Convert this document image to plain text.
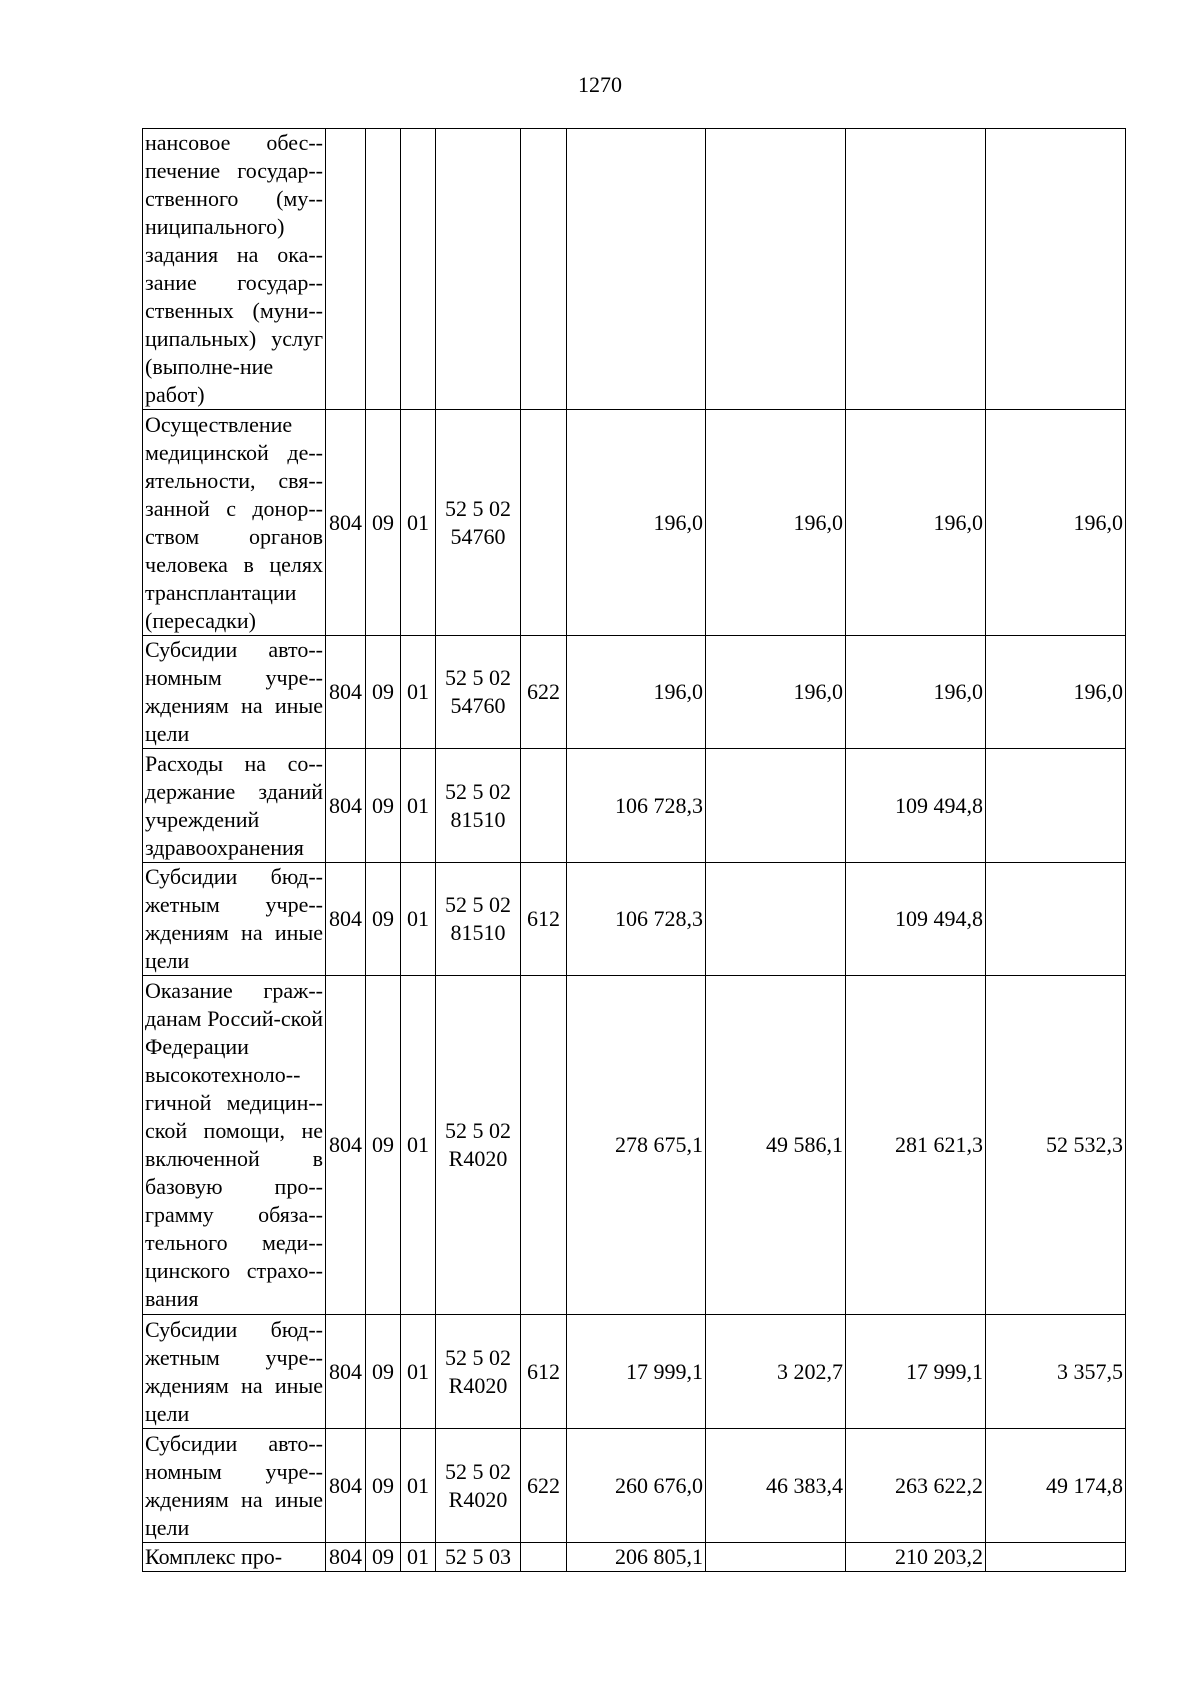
1270
нансовое обес-печение государ-ственного (му-ниципального) задания на ока-зание государ-ственных (муни-ципальных) услуг (выполне-ние работ)									
Осуществление медицинской де-ятельности, свя-занной с донор-ством органов человека в целях трансплантации (пересадки)	804	09	01	52 5 02 54760		196,0	196,0	196,0	196,0
Субсидии авто-номным учре-ждениям на иные цели	804	09	01	52 5 02 54760	622	196,0	196,0	196,0	196,0
Расходы на со-держание зданий учреждений здравоохранения	804	09	01	52 5 02 81510		106 728,3		109 494,8	
Субсидии бюд-жетным учре-ждениям на иные цели	804	09	01	52 5 02 81510	612	106 728,3		109 494,8	
Оказание граж-данам Россий-ской Федерации высокотехноло-гичной медицин-ской помощи, не включенной в базовую про-грамму обяза-тельного меди-цинского страхо-вания	804	09	01	52 5 02 R4020		278 675,1	49 586,1	281 621,3	52 532,3
Субсидии бюд-жетным учре-ждениям на иные цели	804	09	01	52 5 02 R4020	612	17 999,1	3 202,7	17 999,1	3 357,5
Субсидии авто-номным учре-ждениям на иные цели	804	09	01	52 5 02 R4020	622	260 676,0	46 383,4	263 622,2	49 174,8
Комплекс про-	804	09	01	52 5 03		206 805,1		210 203,2	
